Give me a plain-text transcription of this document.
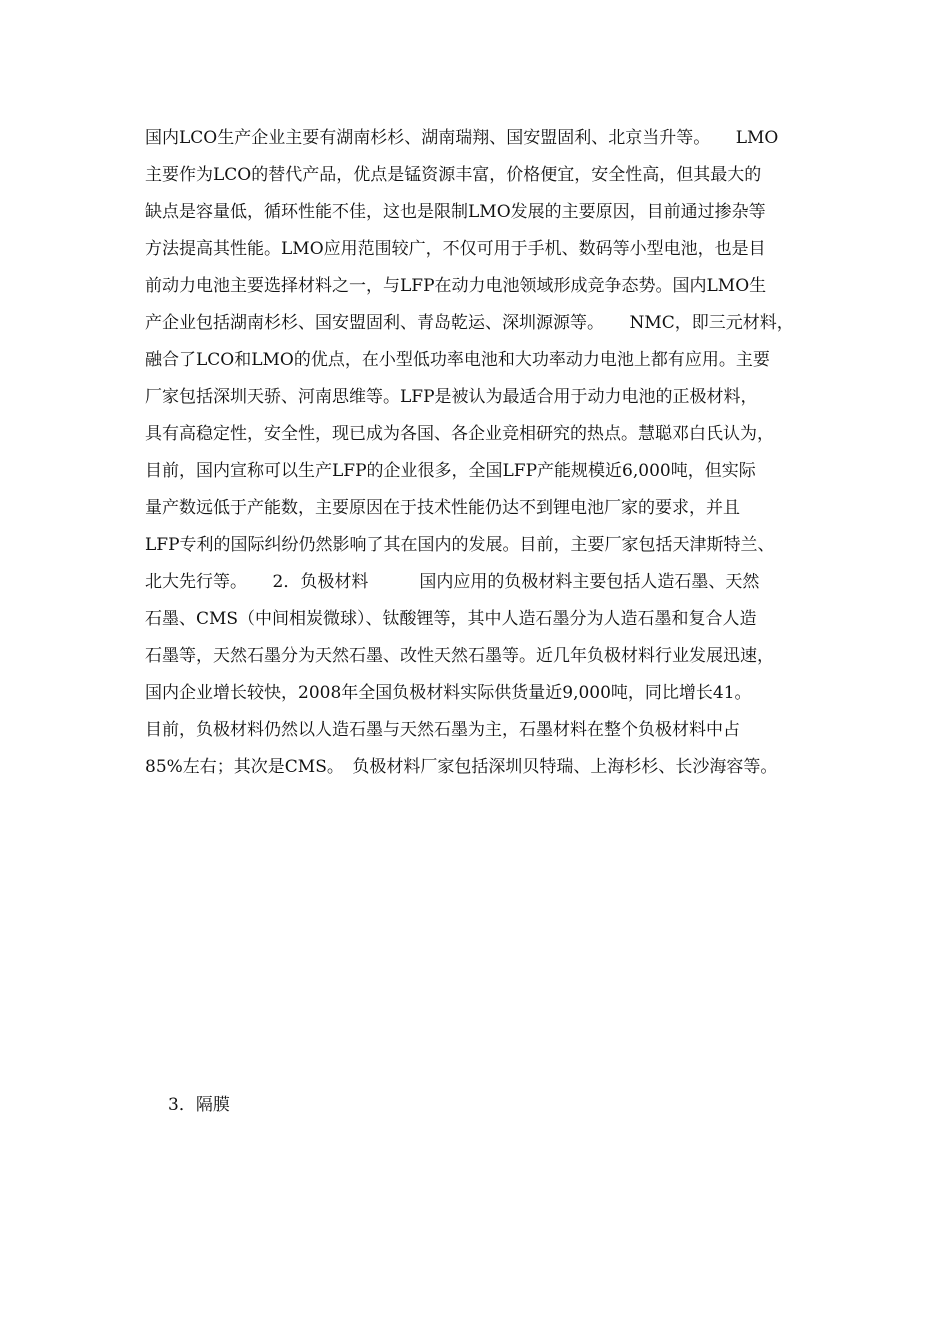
国内LCO生产企业主要有湖南杉杉、湖南瑞翔、国安盟固利、北京当升等。　　LMO
主要作为LCO的替代产品，优点是锰资源丰富，价格便宜，安全性高，但其最大的
缺点是容量低，循环性能不佳，这也是限制LMO发展的主要原因，目前通过掺杂等
方法提高其性能。LMO应用范围较广，不仅可用于手机、数码等小型电池，也是目
前动力电池主要选择材料之一，与LFP在动力电池领域形成竞争态势。国内LMO生
产企业包括湖南杉杉、国安盟固利、青岛乾运、深圳源源等。　　NMC，即三元材料，
融合了LCO和LMO的优点，在小型低功率电池和大功率动力电池上都有应用。主要
厂家包括深圳天骄、河南思维等。LFP是被认为最适合用于动力电池的正极材料，
具有高稳定性，安全性，现已成为各国、各企业竞相研究的热点。慧聪邓白氏认为，
目前，国内宣称可以生产LFP的企业很多，全国LFP产能规模近6,000吨，但实际
量产数远低于产能数，主要原因在于技术性能仍达不到锂电池厂家的要求，并且
LFP专利的国际纠纷仍然影响了其在国内的发展。目前，主要厂家包括天津斯特兰、
北大先行等。　　2．负极材料　　　国内应用的负极材料主要包括人造石墨、天然
石墨、CMS（中间相炭微球）、钛酸锂等，其中人造石墨分为人造石墨和复合人造
石墨等，天然石墨分为天然石墨、改性天然石墨等。近几年负极材料行业发展迅速，
国内企业增长较快，2008年全国负极材料实际供货量近9,000吨，同比增长41。
目前，负极材料仍然以人造石墨与天然石墨为主，石墨材料在整个负极材料中占
85%左右；其次是CMS。　负极材料厂家包括深圳贝特瑞、上海杉杉、长沙海容等。
3．隔膜
